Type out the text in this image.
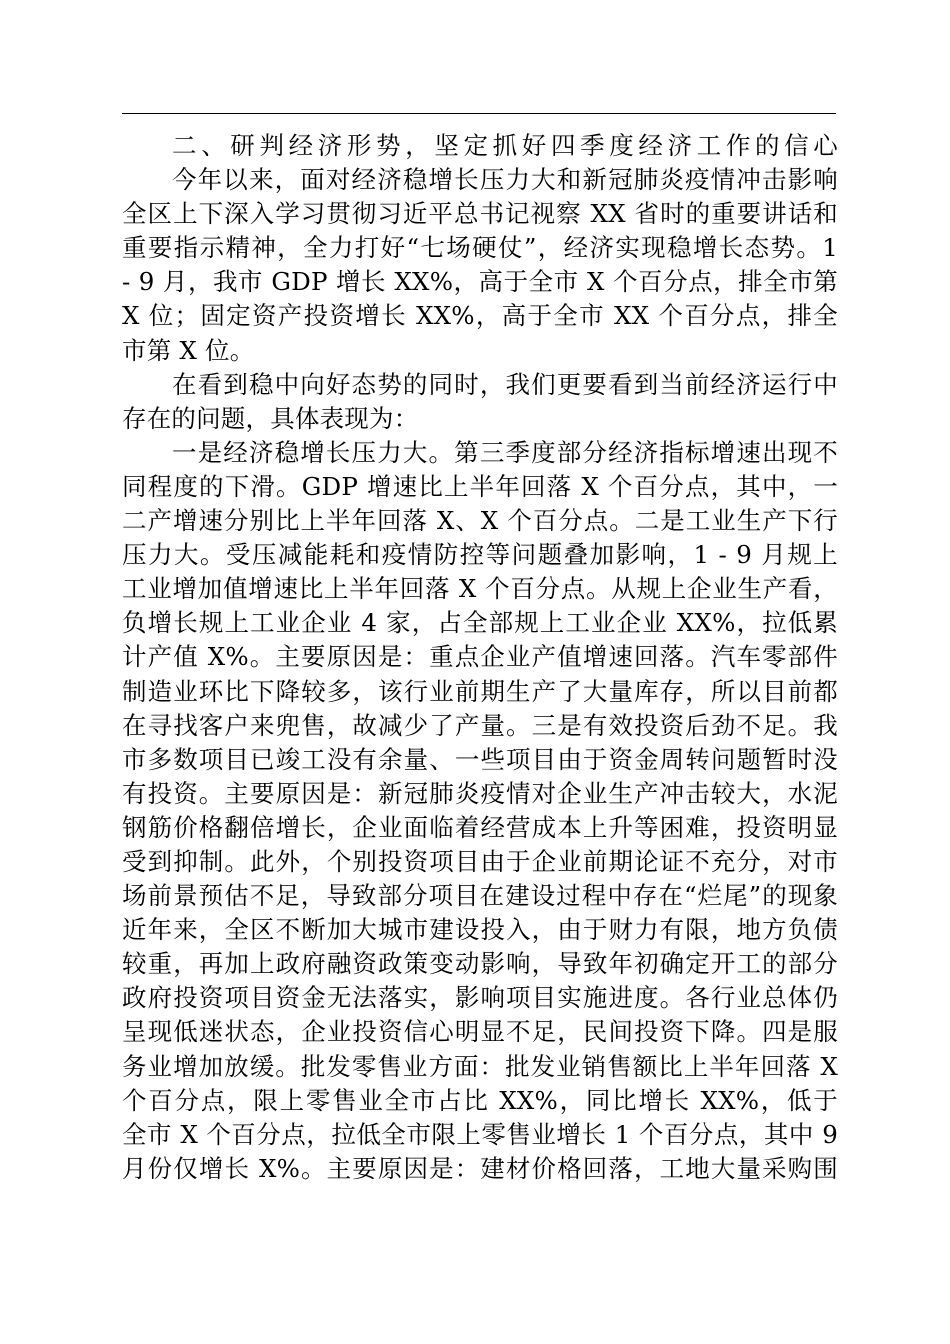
二、研判经济形势，坚定抓好四季度经济工作的信心
今年以来，面对经济稳增长压力大和新冠肺炎疫情冲击影响
全区上下深入学习贯彻习近平总书记视察 XX 省时的重要讲话和
重要指示精神，全力打好“七场硬仗”，经济实现稳增长态势。1
- 9 月，我市 GDP 增长 XX%，高于全市 X 个百分点，排全市第
X 位；固定资产投资增长 XX%，高于全市 XX 个百分点，排全
市第 X 位。
在看到稳中向好态势的同时，我们更要看到当前经济运行中
存在的问题，具体表现为：
一是经济稳增长压力大。第三季度部分经济指标增速出现不
同程度的下滑。GDP 增速比上半年回落 X 个百分点，其中，一
二产增速分别比上半年回落 X、X 个百分点。二是工业生产下行
压力大。受压减能耗和疫情防控等问题叠加影响，1 - 9 月规上
工业增加值增速比上半年回落 X 个百分点。从规上企业生产看，
负增长规上工业企业 4 家，占全部规上工业企业 XX%，拉低累
计产值 X%。主要原因是：重点企业产值增速回落。汽车零部件
制造业环比下降较多，该行业前期生产了大量库存，所以目前都
在寻找客户来兜售，故减少了产量。三是有效投资后劲不足。我
市多数项目已竣工没有余量、一些项目由于资金周转问题暂时没
有投资。主要原因是：新冠肺炎疫情对企业生产冲击较大，水泥
钢筋价格翻倍增长，企业面临着经营成本上升等困难，投资明显
受到抑制。此外，个别投资项目由于企业前期论证不充分，对市
场前景预估不足，导致部分项目在建设过程中存在“烂尾”的现象
近年来，全区不断加大城市建设投入，由于财力有限，地方负债
较重，再加上政府融资政策变动影响，导致年初确定开工的部分
政府投资项目资金无法落实，影响项目实施进度。各行业总体仍
呈现低迷状态，企业投资信心明显不足，民间投资下降。四是服
务业增加放缓。批发零售业方面：批发业销售额比上半年回落 X
个百分点，限上零售业全市占比 XX%，同比增长 XX%，低于
全市 X 个百分点，拉低全市限上零售业增长 1 个百分点，其中 9
月份仅增长 X%。主要原因是：建材价格回落，工地大量采购围
